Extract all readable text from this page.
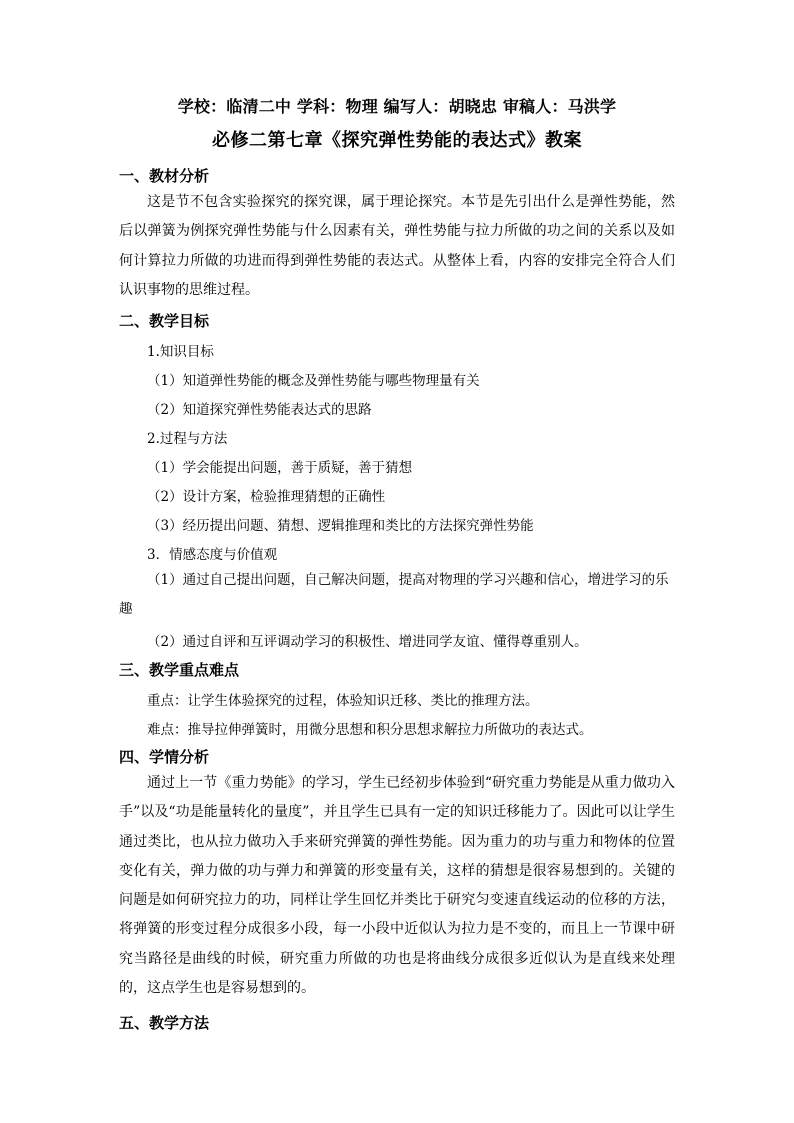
学校：临清二中 学科：物理 编写人：胡晓忠 审稿人：马洪学
必修二第七章《探究弹性势能的表达式》教案
一、教材分析
这是节不包含实验探究的探究课，属于理论探究。本节是先引出什么是弹性势能，然后以弹簧为例探究弹性势能与什么因素有关，弹性势能与拉力所做的功之间的关系以及如何计算拉力所做的功进而得到弹性势能的表达式。从整体上看，内容的安排完全符合人们认识事物的思维过程。
二、教学目标
1.知识目标
（1）知道弹性势能的概念及弹性势能与哪些物理量有关
（2）知道探究弹性势能表达式的思路
2.过程与方法
（1）学会能提出问题，善于质疑，善于猜想
（2）设计方案，检验推理猜想的正确性
（3）经历提出问题、猜想、逻辑推理和类比的方法探究弹性势能
3．情感态度与价值观
（1）通过自己提出问题，自己解决问题，提高对物理的学习兴趣和信心，增进学习的乐趣
（2）通过自评和互评调动学习的积极性、增进同学友谊、懂得尊重别人。
三、教学重点难点
重点：让学生体验探究的过程，体验知识迁移、类比的推理方法。
难点：推导拉伸弹簧时，用微分思想和积分思想求解拉力所做功的表达式。
四、学情分析
通过上一节《重力势能》的学习，学生已经初步体验到“研究重力势能是从重力做功入手”以及“功是能量转化的量度”，并且学生已具有一定的知识迁移能力了。因此可以让学生通过类比，也从拉力做功入手来研究弹簧的弹性势能。因为重力的功与重力和物体的位置变化有关，弹力做的功与弹力和弹簧的形变量有关，这样的猜想是很容易想到的。关键的问题是如何研究拉力的功，同样让学生回忆并类比于研究匀变速直线运动的位移的方法，将弹簧的形变过程分成很多小段，每一小段中近似认为拉力是不变的，而且上一节课中研究当路径是曲线的时候，研究重力所做的功也是将曲线分成很多近似认为是直线来处理的，这点学生也是容易想到的。
五、教学方法
